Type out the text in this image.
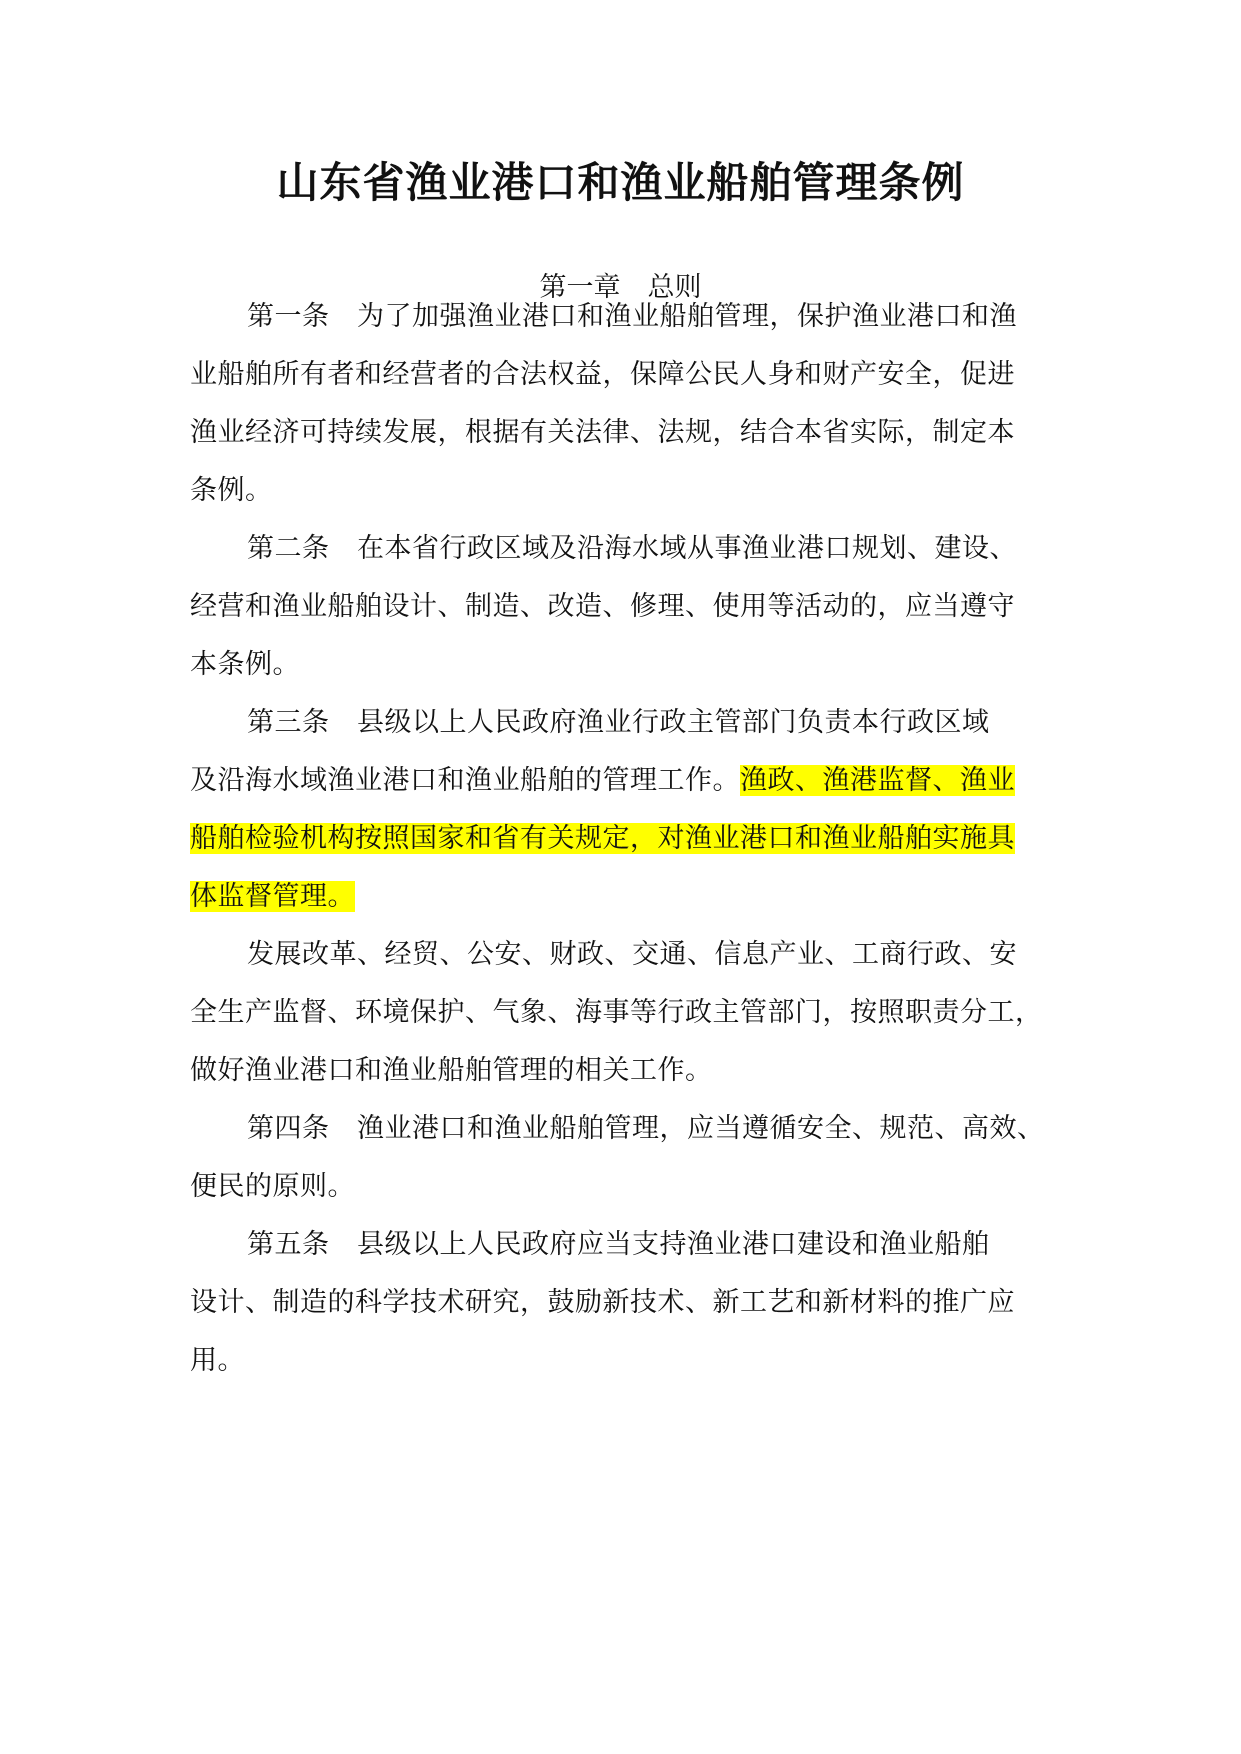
山东省渔业港口和渔业船舶管理条例
第一章　总则
第一条　为了加强渔业港口和渔业船舶管理，保护渔业港口和渔
业船舶所有者和经营者的合法权益，保障公民人身和财产安全，促进
渔业经济可持续发展，根据有关法律、法规，结合本省实际，制定本
条例。
第二条　在本省行政区域及沿海水域从事渔业港口规划、建设、
经营和渔业船舶设计、制造、改造、修理、使用等活动的，应当遵守
本条例。
第三条　县级以上人民政府渔业行政主管部门负责本行政区域
及沿海水域渔业港口和渔业船舶的管理工作。渔政、渔港监督、渔业
船舶检验机构按照国家和省有关规定，对渔业港口和渔业船舶实施具
体监督管理。
发展改革、经贸、公安、财政、交通、信息产业、工商行政、安
全生产监督、环境保护、气象、海事等行政主管部门，按照职责分工，
做好渔业港口和渔业船舶管理的相关工作。
第四条　渔业港口和渔业船舶管理，应当遵循安全、规范、高效、
便民的原则。
第五条　县级以上人民政府应当支持渔业港口建设和渔业船舶
设计、制造的科学技术研究，鼓励新技术、新工艺和新材料的推广应
用。
